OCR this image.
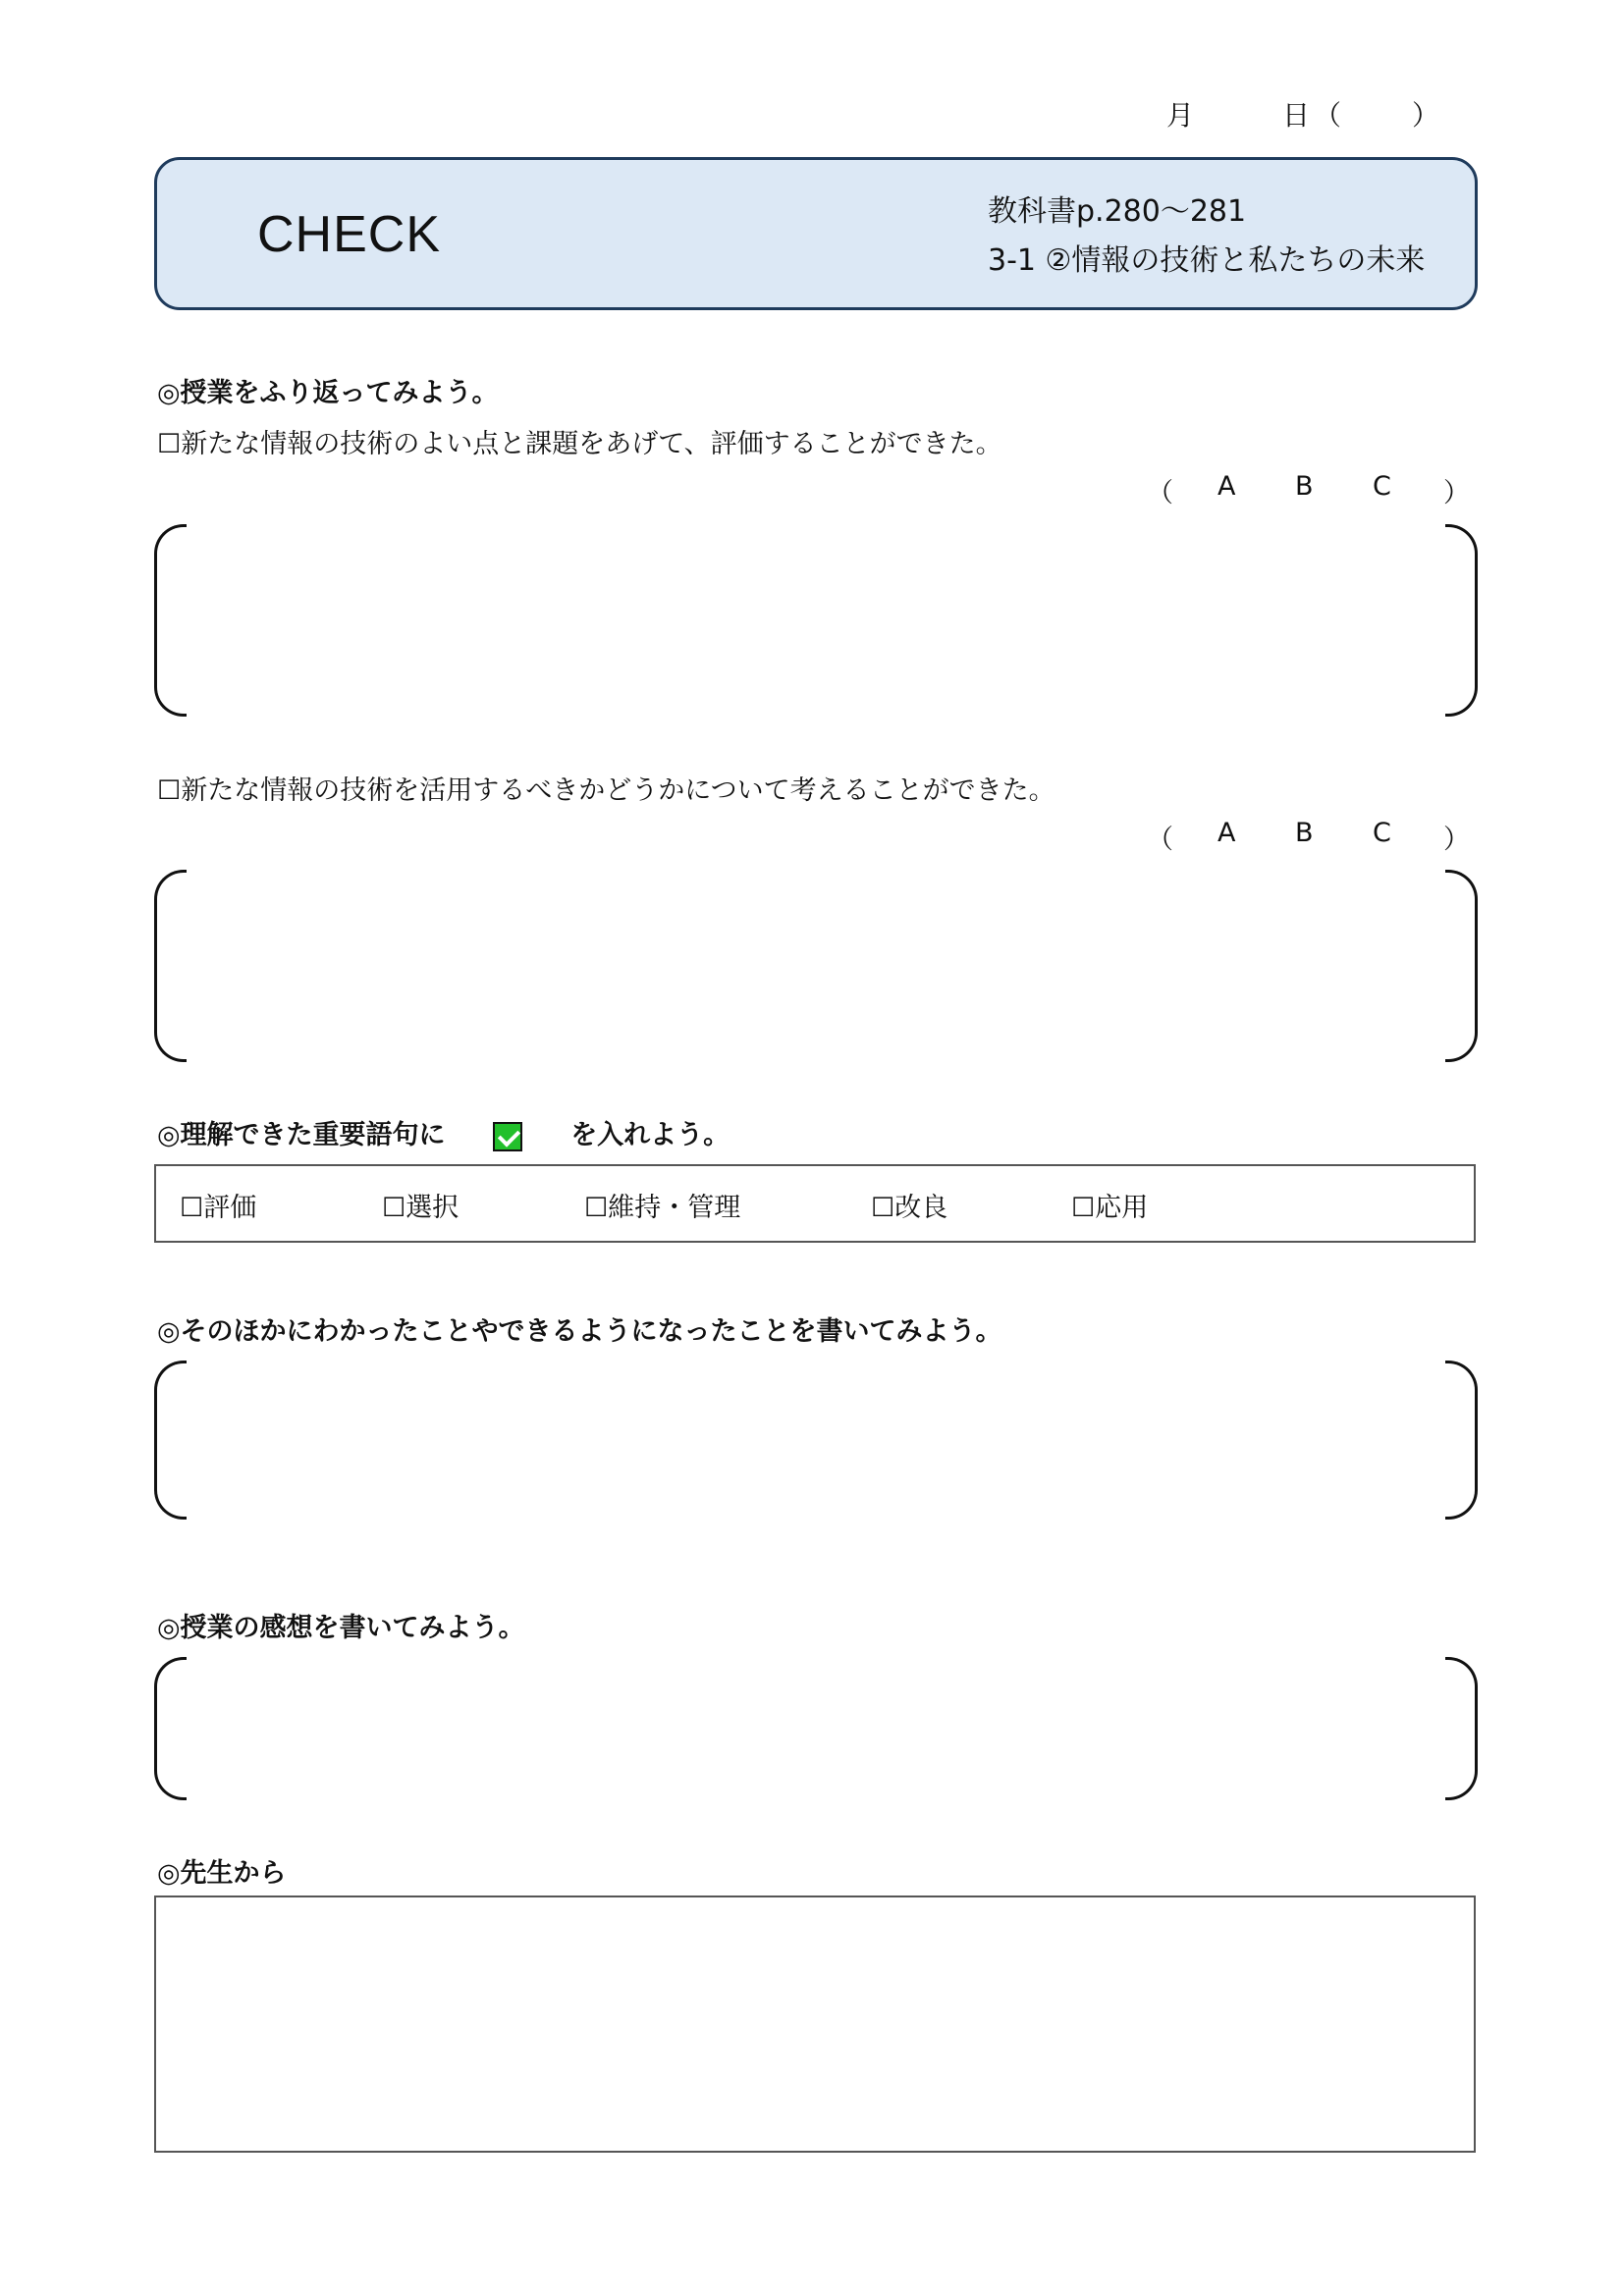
月	日 （	）
CHECK	教科書p.280～281
3-1 ②情報の技術と私たちの未来
◎授業をふり返ってみよう。
☐新たな情報の技術のよい点と課題をあげて、評価することができた。
（ A B C ）
☐新たな情報の技術を活用するべきかどうかについて考えることができた。
（ A B C ）
◎理解できた重要語句に	を入れよう。
☐評価	☐選択	☐維持・管理	☐改良	☐応用
◎そのほかにわかったことやできるようになったことを書いてみよう。
◎授業の感想を書いてみよう。
◎先生から
